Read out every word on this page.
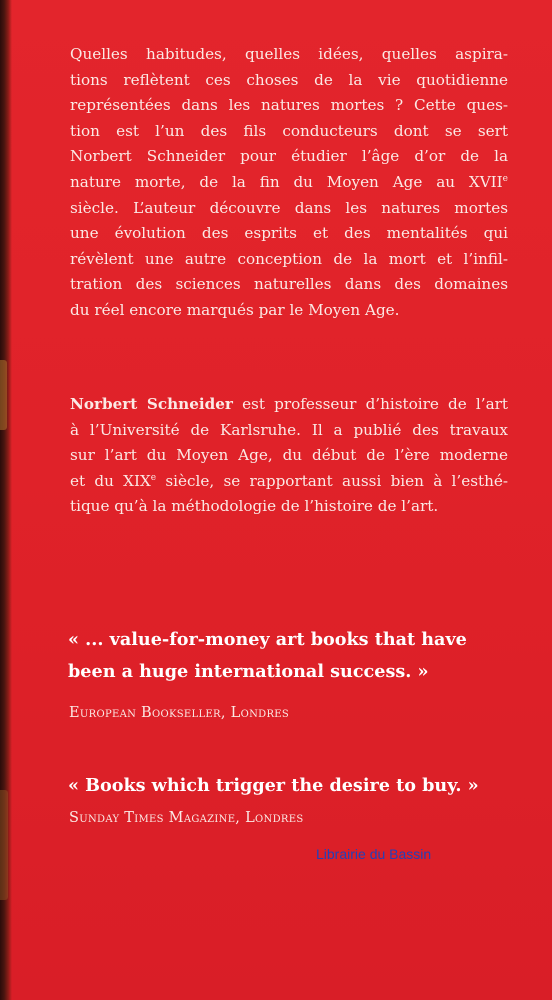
Quelles habitudes, quelles idées, quelles aspira-
tions reflètent ces choses de la vie quotidienne
représentées dans les natures mortes ? Cette ques-
tion est l’un des fils conducteurs dont se sert
Norbert Schneider pour étudier l’âge d’or de la
nature morte, de la fin du Moyen Age au XVIIe
siècle. L’auteur découvre dans les natures mortes
une évolution des esprits et des mentalités qui
révèlent une autre conception de la mort et l’infil-
tration des sciences naturelles dans des domaines
du réel encore marqués par le Moyen Age.
Norbert Schneider est professeur d’histoire de l’art
à l’Université de Karlsruhe. Il a publié des travaux
sur l’art du Moyen Age, du début de l’ère moderne
et du XIXe siècle, se rapportant aussi bien à l’esthé-
tique qu’à la méthodologie de l’histoire de l’art.
« ... value-for-money art books that have
been a huge international success. »
European Bookseller, Londres
« Books which trigger the desire to buy. »
Sunday Times Magazine, Londres
Librairie du Bassin
